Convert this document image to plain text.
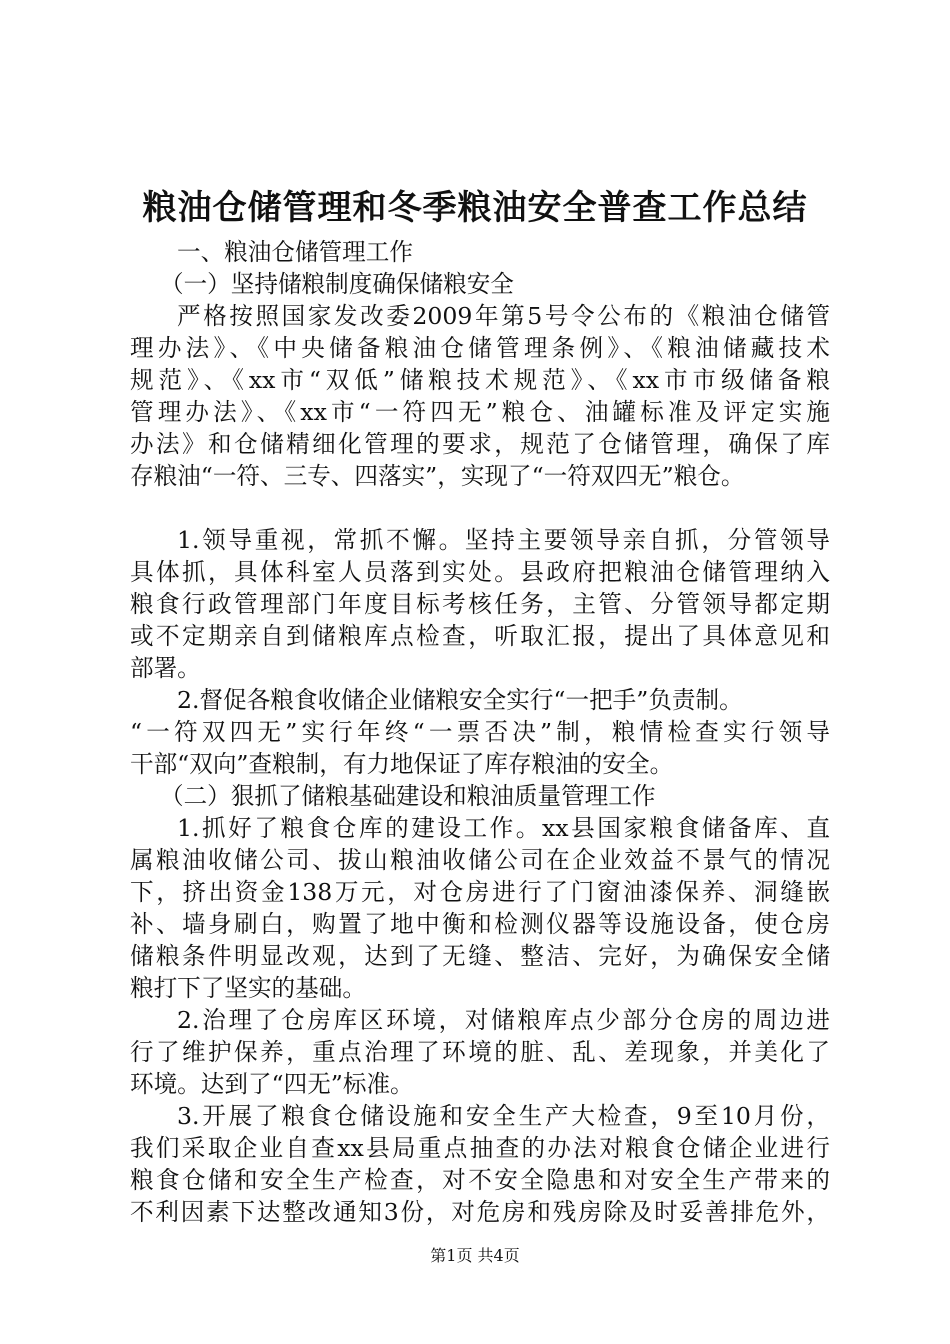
粮油仓储管理和冬季粮油安全普查工作总结
一、粮油仓储管理工作
（一）坚持储粮制度确保储粮安全
严格按照国家发改委2009年第5号令公布的《粮油仓储管
理办法》、《中央储备粮油仓储管理条例》、《粮油储藏技术
规范》、《xx市“双低”储粮技术规范》、《xx市市级储备粮
管理办法》、《xx市“一符四无”粮仓、油罐标准及评定实施
办法》和仓储精细化管理的要求，规范了仓储管理，确保了库
存粮油“一符、三专、四落实”，实现了“一符双四无”粮仓。
1.领导重视，常抓不懈。坚持主要领导亲自抓，分管领导
具体抓，具体科室人员落到实处。县政府把粮油仓储管理纳入
粮食行政管理部门年度目标考核任务，主管、分管领导都定期
或不定期亲自到储粮库点检查，听取汇报，提出了具体意见和
部署。
2.督促各粮食收储企业储粮安全实行“一把手”负责制。
“一符双四无”实行年终“一票否决”制，粮情检查实行领导
干部“双向”查粮制，有力地保证了库存粮油的安全。
（二）狠抓了储粮基础建设和粮油质量管理工作
1.抓好了粮食仓库的建设工作。xx县国家粮食储备库、直
属粮油收储公司、拔山粮油收储公司在企业效益不景气的情况
下，挤出资金138万元，对仓房进行了门窗油漆保养、洞缝嵌
补、墙身刷白，购置了地中衡和检测仪器等设施设备，使仓房
储粮条件明显改观，达到了无缝、整洁、完好，为确保安全储
粮打下了坚实的基础。
2.治理了仓房库区环境，对储粮库点少部分仓房的周边进
行了维护保养，重点治理了环境的脏、乱、差现象，并美化了
环境。达到了“四无”标准。
3.开展了粮食仓储设施和安全生产大检查，9至10月份，
我们采取企业自查xx县局重点抽查的办法对粮食仓储企业进行
粮食仓储和安全生产检查，对不安全隐患和对安全生产带来的
不利因素下达整改通知3份，对危房和残房除及时妥善排危外，
第1页 共4页
